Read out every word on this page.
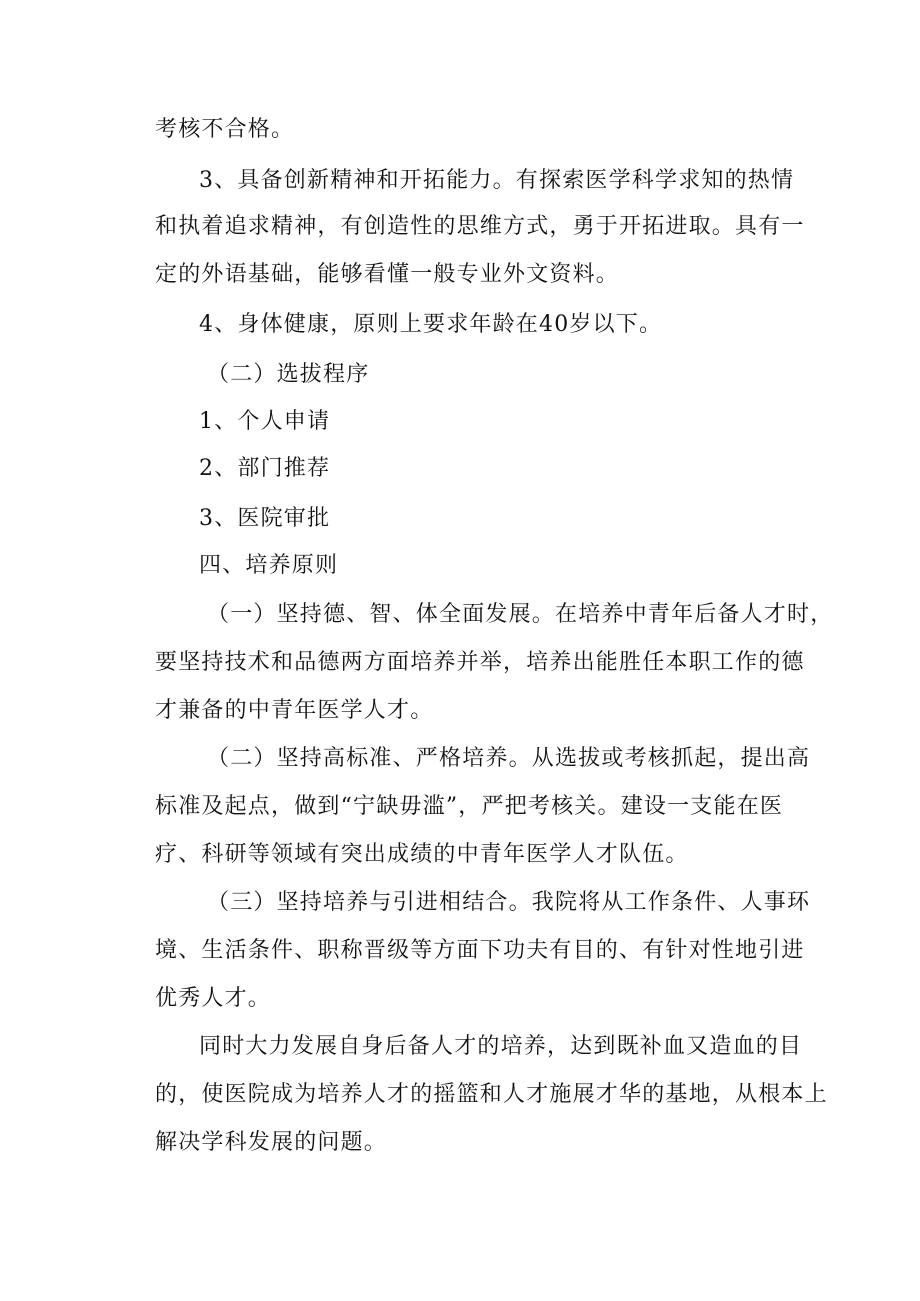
考核不合格。
3、具备创新精神和开拓能力。有探索医学科学求知的热情
和执着追求精神，有创造性的思维方式，勇于开拓进取。具有一
定的外语基础，能够看懂一般专业外文资料。
4、身体健康，原则上要求年龄在40岁以下。
（二）选拔程序
1、个人申请
2、部门推荐
3、医院审批
四、培养原则
（一）坚持德、智、体全面发展。在培养中青年后备人才时，
要坚持技术和品德两方面培养并举，培养出能胜任本职工作的德
才兼备的中青年医学人才。
（二）坚持高标准、严格培养。从选拔或考核抓起，提出高
标准及起点，做到“宁缺毋滥”，严把考核关。建设一支能在医
疗、科研等领域有突出成绩的中青年医学人才队伍。
（三）坚持培养与引进相结合。我院将从工作条件、人事环
境、生活条件、职称晋级等方面下功夫有目的、有针对性地引进
优秀人才。
同时大力发展自身后备人才的培养，达到既补血又造血的目
的，使医院成为培养人才的摇篮和人才施展才华的基地，从根本上
解决学科发展的问题。
